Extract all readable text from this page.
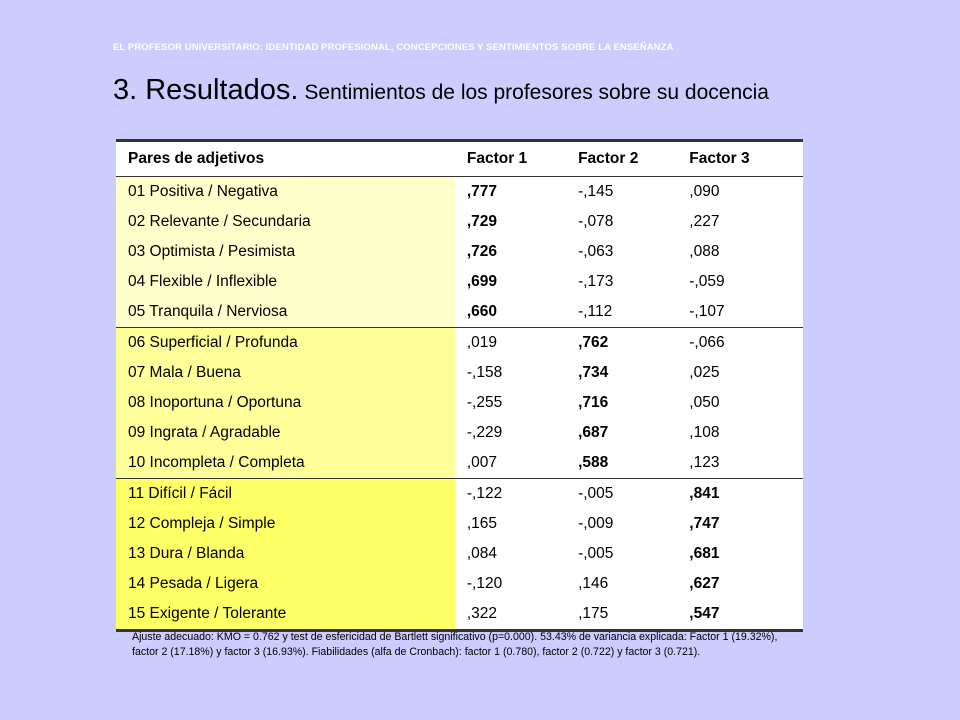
EL PROFESOR UNIVERSITARIO: IDENTIDAD PROFESIONAL, CONCEPCIONES Y SENTIMIENTOS SOBRE LA ENSEÑANZA
3. Resultados. Sentimientos de los profesores sobre su docencia
Pares de adjetivos	Factor 1	Factor 2	Factor 3
01 Positiva / Negativa	,777	-,145	,090
02 Relevante / Secundaria	,729	-,078	,227
03 Optimista / Pesimista	,726	-,063	,088
04 Flexible / Inflexible	,699	-,173	-,059
05 Tranquila / Nerviosa	,660	-,112	-,107
06 Superficial / Profunda	,019	,762	-,066
07 Mala / Buena	-,158	,734	,025
08 Inoportuna / Oportuna	-,255	,716	,050
09 Ingrata / Agradable	-,229	,687	,108
10 Incompleta / Completa	,007	,588	,123
11 Difícil / Fácil	-,122	-,005	,841
12 Compleja / Simple	,165	-,009	,747
13 Dura / Blanda	,084	-,005	,681
14 Pesada / Ligera	-,120	,146	,627
15 Exigente / Tolerante	,322	,175	,547
Ajuste adecuado: KMO = 0.762 y test de esfericidad de Bartlett significativo (p=0.000). 53.43% de variancia explicada: Factor 1 (19.32%), factor 2 (17.18%) y factor 3 (16.93%). Fiabilidades (alfa de Cronbach): factor 1 (0.780), factor 2 (0.722) y factor 3 (0.721).
